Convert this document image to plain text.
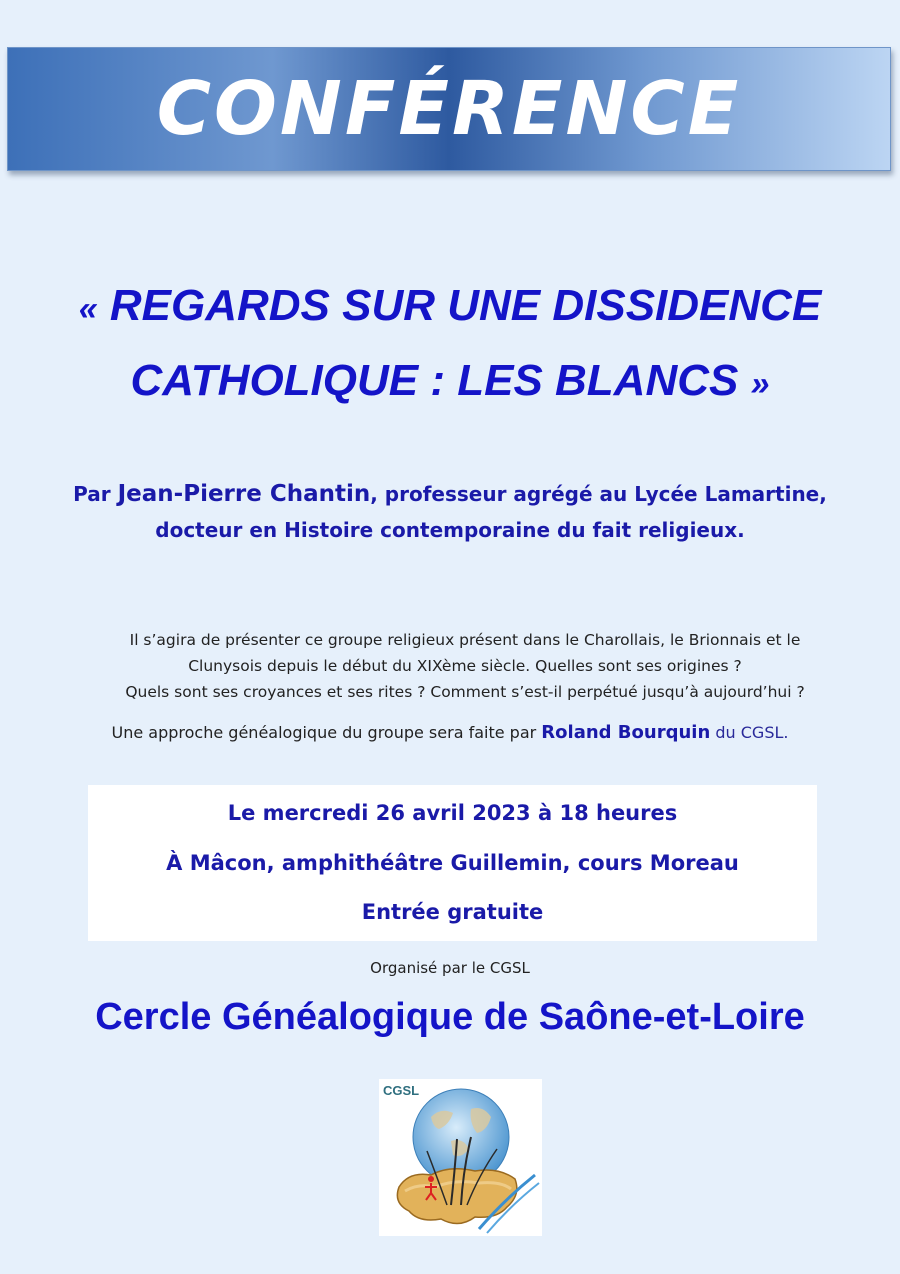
CONFÉRENCE
« REGARDS SUR UNE DISSIDENCE
CATHOLIQUE : LES BLANCS »
Par Jean-Pierre Chantin, professeur agrégé au Lycée Lamartine,
docteur en Histoire contemporaine du fait religieux.
Il s’agira de présenter ce groupe religieux présent dans le Charollais, le Brionnais et le
Clunysois depuis le début du XIXème siècle. Quelles sont ses origines ?
Quels sont ses croyances et ses rites ? Comment s’est-il perpétué jusqu’à aujourd’hui ?
Une approche généalogique du groupe sera faite par Roland Bourquin du CGSL.
Le mercredi 26 avril 2023 à 18 heures
À Mâcon, amphithéâtre Guillemin, cours Moreau
Entrée gratuite
Organisé par le CGSL
Cercle Généalogique de Saône-et-Loire
CGSL
